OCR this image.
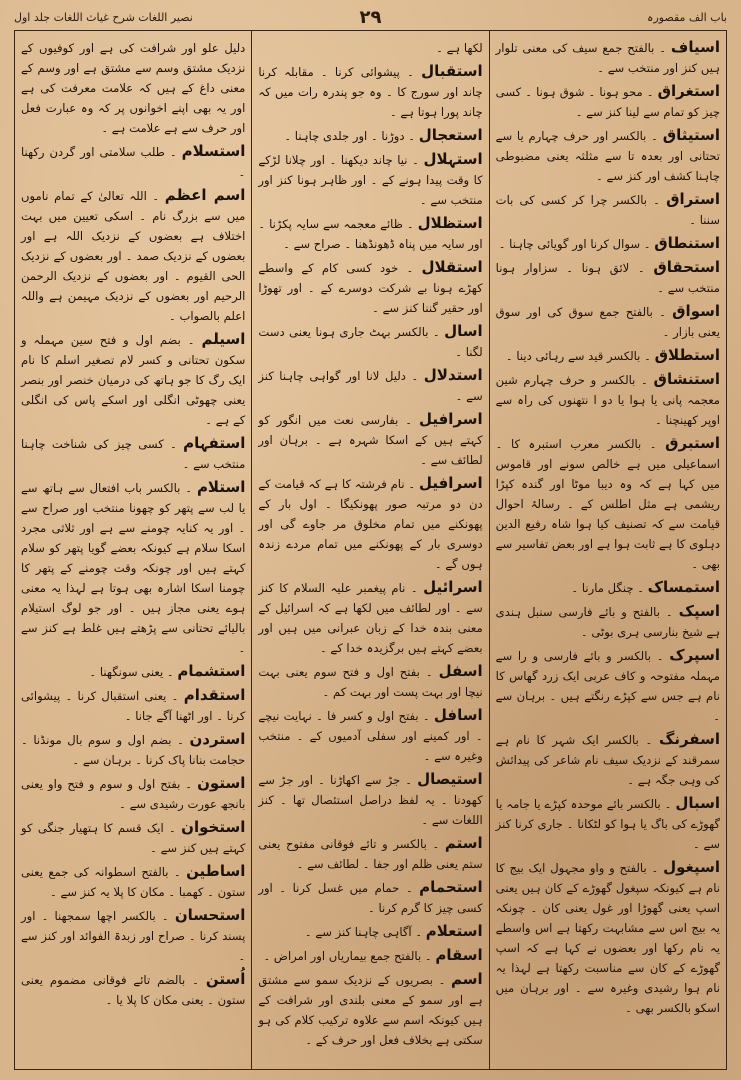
باب الف مقصورہ
٢٩
نصیر اللغات شرح غیاث اللغات جلد اول

اسیاف ۔ بالفتح جمع سیف کی معنی تلوار ہیں کنز اور منتخب سے ۔

استغراق ۔ محو ہونا ۔ شوق ہونا ۔ کسی چیز کو تمام سے لینا کنز سے ۔

استیثاق ۔ بالکسر اور حرف چہارم یا سے تحتانی اور بعدہ تا سے مثلثہ یعنی مضبوطی چاہنا کشف اور کنز سے ۔

استراق ۔ بالکسر چرا کر کسی کی بات سننا ۔

استنطاق ۔ سوال کرنا اور گویائی چاہنا ۔

استحقاق ۔ لائق ہونا ۔ سزاوار ہونا منتخب سے ۔

اسواق ۔ بالفتح جمع سوق کی اور سوق یعنی بازار ۔

استطلاق ۔ بالکسر قید سے رہائی دینا ۔

استنشاق ۔ بالکسر و حرف چہارم شین معجمہ پانی یا ہوا یا دو ا نتھنوں کی راہ سے اوپر کھینچنا ۔

استبرق ۔ بالکسر معرب استبرہ کا ۔ اسماعیلی میں ہے خالص سونے اور قاموس میں کہا ہے کہ وہ دیبا موٹا اور گندہ کپڑا ریشمی ہے مثل اطلس کے ۔ رسالۂ احوال قیامت سے کہ تصنیف کیا ہوا شاہ رفیع الدین دہلوی کا ہے ثابت ہوا ہے اور بعض تفاسیر سے بھی ۔

استمساک ۔ چنگل مارنا ۔

اسپک ۔ بالفتح و بائے فارسی سنبل ہندی ہے شیخ بنارسی ہری بوٹی ۔

اسپرک ۔ بالکسر و بائے فارسی و را سے مہملہ مفتوحہ و کاف عربی ایک زرد گھاس کا نام ہے جس سے کپڑے رنگتے ہیں ۔ برہان سے ۔

اسفرنگ ۔ بالکسر ایک شہر کا نام ہے سمرقند کے نزدیک سیف نام شاعر کی پیدائش کی وہی جگہ ہے ۔

اسبال ۔ بالکسر بائے موحدہ کپڑے یا جامہ یا گھوڑے کی باگ یا ہوا کو لٹکانا ۔ جاری کرنا کنز سے ۔

اسپغول ۔ بالفتح و واو مجہول ایک بیج کا نام ہے کیونکہ سپغول گھوڑے کے کان ہیں یعنی اسپ یعنی گھوڑا اور غول یعنی کان ۔ چونکہ یہ بیج اس سے مشابہت رکھتا ہے اس واسطے یہ نام رکھا اور بعضوں نے کہا ہے کہ اسپ گھوڑے کے کان سے مناسبت رکھتا ہے لہذا یہ نام ہوا رشیدی وغیرہ سے ۔ اور برہان میں اسکو بالکسر بھی ۔

لکھا ہے ۔

استقبال ۔ پیشوائی کرنا ۔ مقابلہ کرنا چاند اور سورج کا ۔ وہ جو پندرہ رات میں کہ چاند پورا ہوتا ہے ۔

استعجال ۔ دوڑنا ۔ اور جلدی چاہنا ۔

استہلال ۔ نیا چاند دیکھنا ۔ اور چلانا لڑکے کا وقت پیدا ہونے کے ۔ اور ظاہر ہونا کنز اور منتخب سے ۔

استظلال ۔ ظائے معجمہ سے سایہ پکڑنا ۔ اور سایہ میں پناہ ڈھونڈھنا ۔ صراح سے ۔

استقلال ۔ خود کسی کام کے واسطے کھڑے ہونا بے شرکت دوسرے کے ۔ اور تھوڑا اور حقیر گننا کنز سے ۔

اسال ۔ بالکسر بہٹ جاری ہونا یعنی دست لگنا ۔

استدلال ۔ دلیل لانا اور گواہی چاہنا کنز سے ۔

اسرافیل ۔ بفارسی نعت میں انگور کو کہتے ہیں کے اسکا شہرہ ہے ۔ برہان اور لطائف سے ۔

اسرافیل ۔ نام فرشتہ کا ہے کہ قیامت کے دن دو مرتبہ صور پھونکیگا ۔ اول بار کے پھونکنے میں تمام مخلوق مر جاوے گی اور دوسری بار کے پھونکنے میں تمام مردے زندہ ہوں گے ۔

اسرائیل ۔ نام پیغمبر علیہ السلام کا کنز سے ۔ اور لطائف میں لکھا ہے کہ اسرائیل کے معنی بندہ خدا کے زبان عبرانی میں ہیں اور بعضے کہتے ہیں برگزیدہ خدا کے ۔

اسفل ۔ بفتح اول و فتح سوم یعنی بہت نیچا اور بہت پست اور بہت کم ۔

اسافل ۔ بفتح اول و کسر فا ۔ نہایت نیچے ۔ اور کمینے اور سفلی آدمیوں کے ۔ منتخب وغیرہ سے ۔

استیصال ۔ جڑ سے اکھاڑنا ۔ اور جڑ سے کھودنا ۔ یہ لفظ دراصل استئصال تھا ۔ کنز اللغات سے ۔

استم ۔ بالکسر و تائے فوقانی مفتوح یعنی ستم یعنی ظلم اور جفا ۔ لطائف سے ۔

استحمام ۔ حمام میں غسل کرنا ۔ اور کسی چیز کا گرم کرنا ۔

استعلام ۔ آگاہی چاہنا کنز سے ۔

اسقام ۔ بالفتح جمع بیماریاں اور امراض ۔

اسم ۔ بصریوں کے نزدیک سمو سے مشتق ہے اور سمو کے معنی بلندی اور شرافت کے ہیں کیونکہ اسم سے علاوہ ترکیب کلام کی ہو سکتی ہے بخلاف فعل اور حرف کے ۔

دلیل علو اور شرافت کی ہے اور کوفیوں کے نزدیک مشتق وسم سے مشتق ہے اور وسم کے معنی داغ کے ہیں کہ علامت معرفت کی ہے اور یہ بھی اپنے اخوانوں پر کہ وہ عبارت فعل اور حرف سے ہے علامت ہے ۔

استسلام ۔ طلب سلامتی اور گردن رکھنا ۔

اسم اعظم ۔ اللہ تعالیٰ کے تمام ناموں میں سے بزرگ نام ۔ اسکی تعیین میں بہت اختلاف ہے بعضوں کے نزدیک اللہ ہے اور بعضوں کے نزدیک صمد ۔ اور بعضوں کے نزدیک الحی القیوم ۔ اور بعضوں کے نزدیک الرحمن الرحیم اور بعضوں کے نزدیک مہیمن ہے واللہ اعلم بالصواب ۔

اسیلم ۔ بضم اول و فتح سین مہملہ و سکون تحتانی و کسر لام تصغیر اسلم کا نام ایک رگ کا جو ہاتھ کی درمیان خنصر اور بنصر یعنی چھوٹی انگلی اور اسکے پاس کی انگلی کے ہے ۔

استفہام ۔ کسی چیز کی شناخت چاہنا منتخب سے ۔

استلام ۔ بالکسر باب افتعال سے ہاتھ سے یا لب سے پتھر کو چھونا منتخب اور صراح سے ۔ اور یہ کنایہ چومنے سے ہے اور ثلاثی مجرد اسکا سلام ہے کیونکہ بعضے گویا پتھر کو سلام کہتے ہیں اور چونکہ وقت چومنے کے پتھر کا چومنا اسکا اشارہ بھی ہوتا ہے لہذا یہ معنی ہوے یعنی مجاز ہیں ۔ اور جو لوگ استیلام بالیائے تحتانی سے پڑھتے ہیں غلط ہے کنز سے ۔

استشمام ۔ یعنی سونگھنا ۔

استقدام ۔ یعنی استقبال کرنا ۔ پیشوائی کرنا ۔ اور اٹھنا آگے جانا ۔

استردن ۔ بضم اول و سوم بال مونڈنا ۔ حجامت بنانا پاک کرنا ۔ برہان سے ۔

استون ۔ بفتح اول و سوم و فتح واو یعنی بانجھ عورت رشیدی سے ۔

استخوان ۔ ایک قسم کا ہتھیار جنگی کو کہتے ہیں کنز سے ۔

اساطین ۔ بالفتح اسطوانہ کی جمع یعنی ستون ۔ کھمبا ۔ مکان کا پلا یہ کنز سے ۔

استحسان ۔ بالکسر اچھا سمجھنا ۔ اور پسند کرنا ۔ صراح اور زبدۃ الفوائد اور کنز سے ۔

اُستن ۔ بالضم تائے فوقانی مضموم یعنی ستون ۔ یعنی مکان کا پلا یا ۔
